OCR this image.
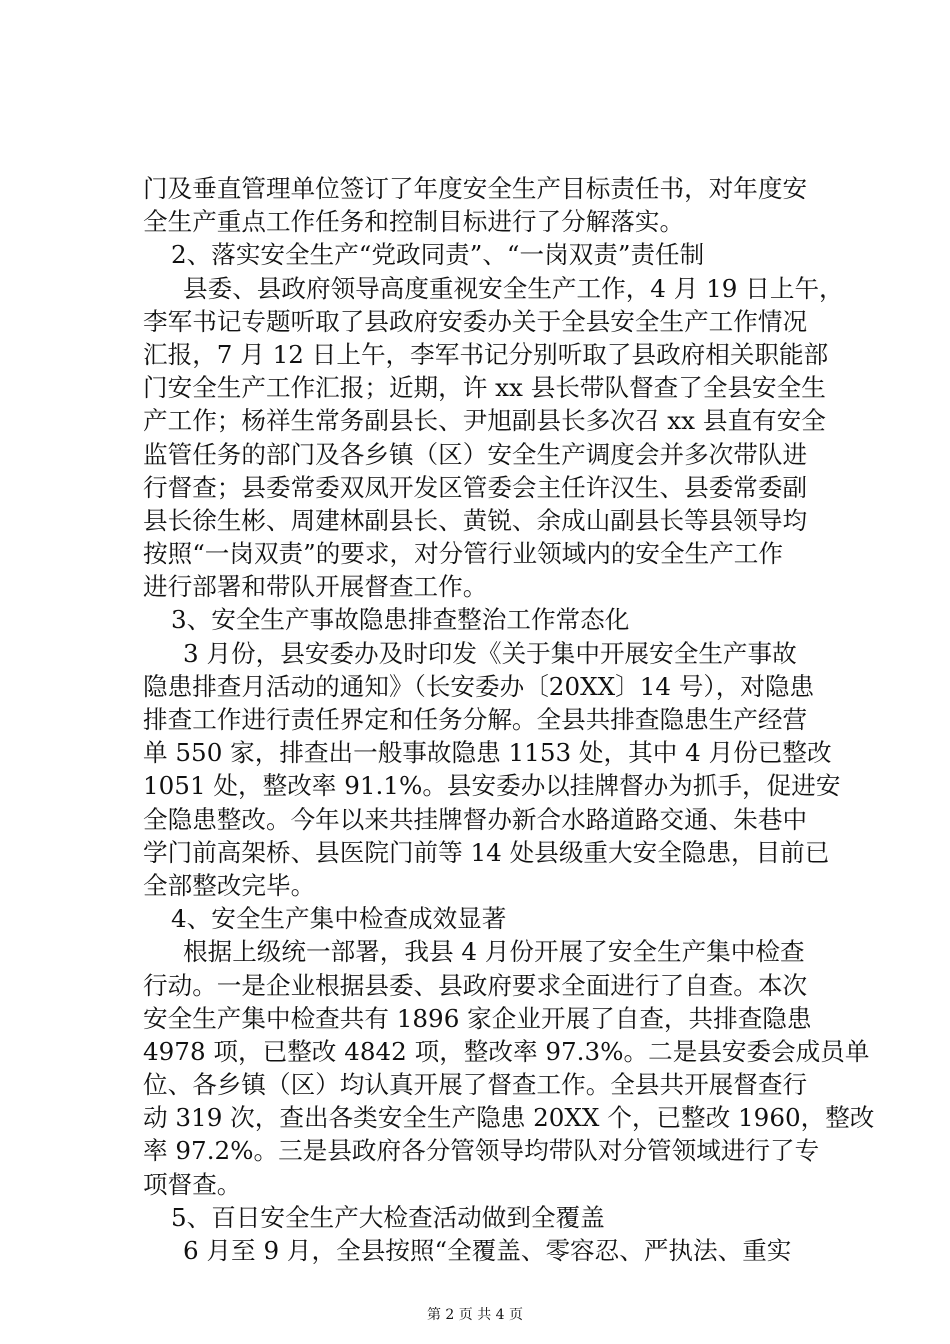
门及垂直管理单位签订了年度安全生产目标责任书，对年度安
全生产重点工作任务和控制目标进行了分解落实。
2、落实安全生产“党政同责”、“一岗双责”责任制
县委、县政府领导高度重视安全生产工作，4 月 19 日上午，
李军书记专题听取了县政府安委办关于全县安全生产工作情况
汇报，7 月 12 日上午，李军书记分别听取了县政府相关职能部
门安全生产工作汇报；近期，许 xx 县长带队督查了全县安全生
产工作；杨祥生常务副县长、尹旭副县长多次召 xx 县直有安全
监管任务的部门及各乡镇（区）安全生产调度会并多次带队进
行督查；县委常委双凤开发区管委会主任许汉生、县委常委副
县长徐生彬、周建林副县长、黄锐、余成山副县长等县领导均
按照“一岗双责”的要求，对分管行业领域内的安全生产工作
进行部署和带队开展督查工作。
3、安全生产事故隐患排查整治工作常态化
3 月份，县安委办及时印发《关于集中开展安全生产事故
隐患排查月活动的通知》（长安委办〔20XX〕14 号），对隐患
排查工作进行责任界定和任务分解。全县共排查隐患生产经营
单 550 家，排查出一般事故隐患 1153 处，其中 4 月份已整改
1051 处，整改率 91.1%。县安委办以挂牌督办为抓手，促进安
全隐患整改。今年以来共挂牌督办新合水路道路交通、朱巷中
学门前高架桥、县医院门前等 14 处县级重大安全隐患，目前已
全部整改完毕。
4、安全生产集中检查成效显著
根据上级统一部署，我县 4 月份开展了安全生产集中检查
行动。一是企业根据县委、县政府要求全面进行了自查。本次
安全生产集中检查共有 1896 家企业开展了自查，共排查隐患
4978 项，已整改 4842 项，整改率 97.3%。二是县安委会成员单
位、各乡镇（区）均认真开展了督查工作。全县共开展督查行
动 319 次，查出各类安全生产隐患 20XX 个，已整改 1960，整改
率 97.2%。三是县政府各分管领导均带队对分管领域进行了专
项督查。
5、百日安全生产大检查活动做到全覆盖
6 月至 9 月，全县按照“全覆盖、零容忍、严执法、重实
第 2 页 共 4 页
